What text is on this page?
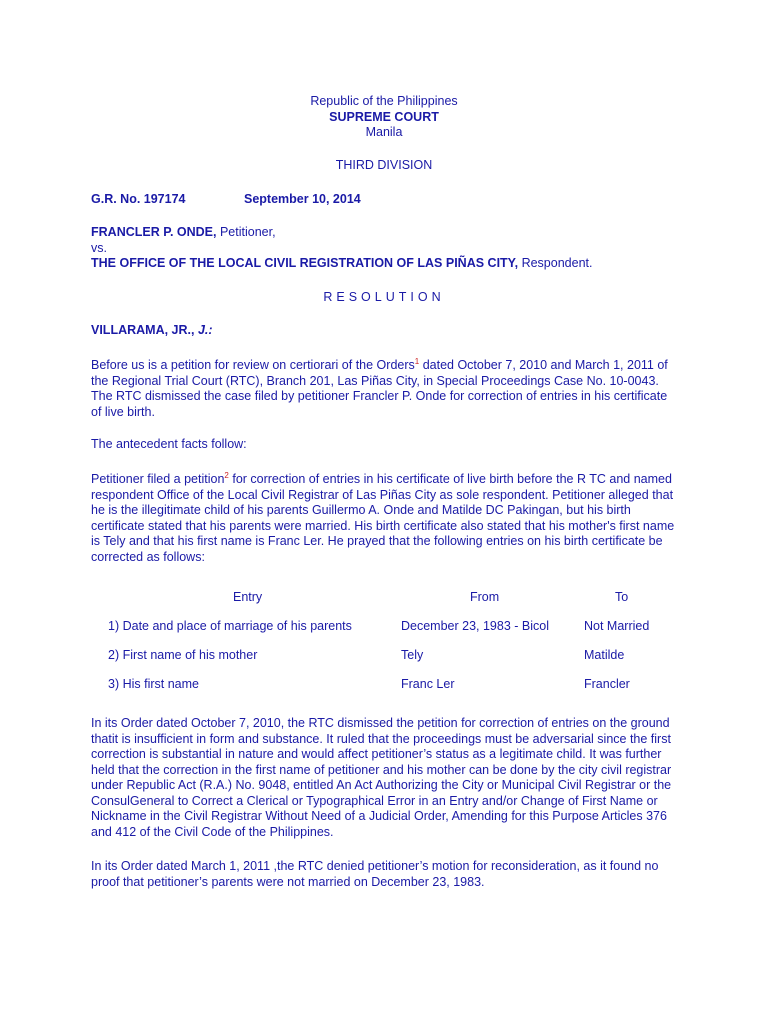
Republic of the Philippines
SUPREME COURT
Manila
THIRD DIVISION
G.R. No. 197174	September 10, 2014
FRANCLER P. ONDE, Petitioner,
vs.
THE OFFICE OF THE LOCAL CIVIL REGISTRATION OF LAS PIÑAS CITY, Respondent.
RESOLUTION
VILLARAMA, JR., J.:

Before us is a petition for review on certiorari of the Orders$^1$ dated October 7, 2010 and March 1, 2011 of the Regional Trial Court (RTC), Branch 201, Las Piñas City, in Special Proceedings Case No. 10-0043. The RTC dismissed the case filed by petitioner Francler P. Onde for correction of entries in his certificate of live birth.

The antecedent facts follow:

Petitioner filed a petition$^2$ for correction of entries in his certificate of live birth before the R TC and named respondent Office of the Local Civil Registrar of Las Piñas City as sole respondent. Petitioner alleged that he is the illegitimate child of his parents Guillermo A. Onde and Matilde DC Pakingan, but his birth certificate stated that his parents were married. His birth certificate also stated that his mother's first name is Tely and that his first name is Franc Ler. He prayed that the following entries on his birth certificate be corrected as follows:

Entry	From	To
1) Date and place of marriage of his parents	December 23, 1983 - Bicol	Not Married
2) First name of his mother	Tely	Matilde
3) His first name	Franc Ler	Francler

In its Order dated October 7, 2010, the RTC dismissed the petition for correction of entries on the ground thatit is insufficient in form and substance. It ruled that the proceedings must be adversarial since the first correction is substantial in nature and would affect petitioner’s status as a legitimate child. It was further held that the correction in the first name of petitioner and his mother can be done by the city civil registrar under Republic Act (R.A.) No. 9048, entitled An Act Authorizing the City or Municipal Civil Registrar or the ConsulGeneral to Correct a Clerical or Typographical Error in an Entry and/or Change of First Name or Nickname in the Civil Registrar Without Need of a Judicial Order, Amending for this Purpose Articles 376 and 412 of the Civil Code of the Philippines.

In its Order dated March 1, 2011 ,the RTC denied petitioner’s motion for reconsideration, as it found no proof that petitioner’s parents were not married on December 23, 1983.
